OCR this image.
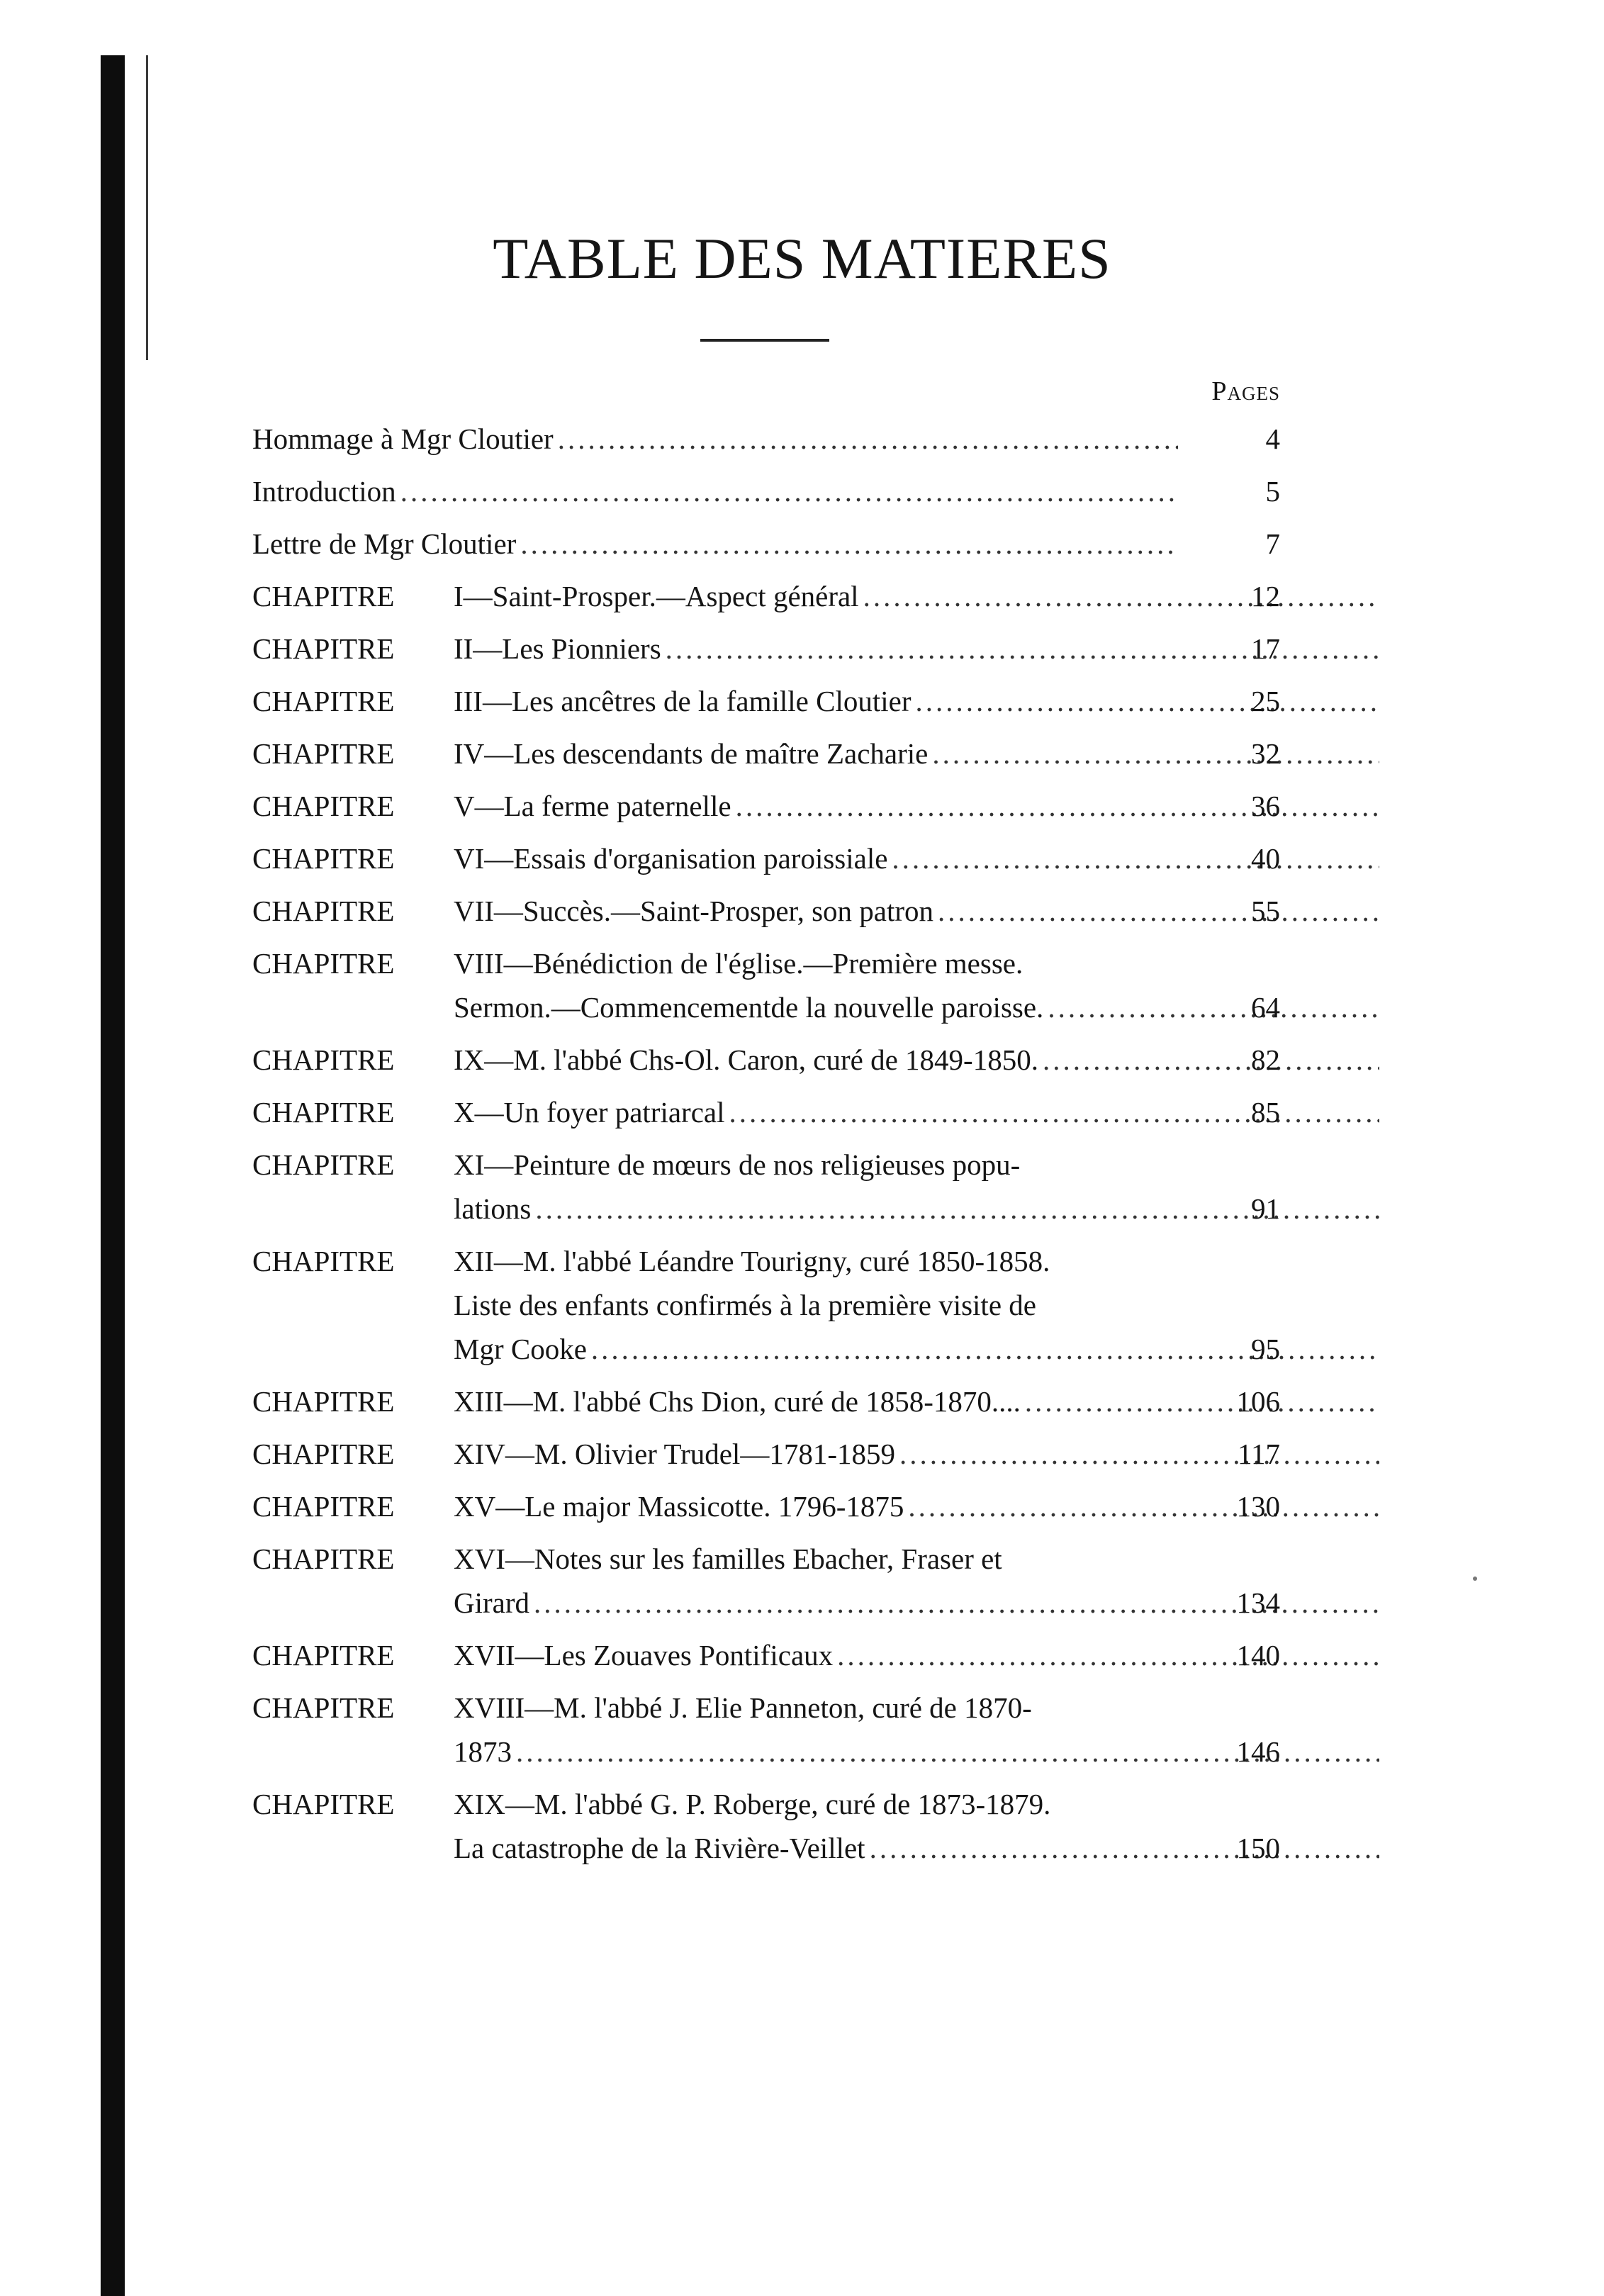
TABLE DES MATIERES
Pages
Hommage à Mgr Cloutier .....	4
Introduction .....	5
Lettre de Mgr Cloutier .....	7
CHAPITRE I—Saint-Prosper.—Aspect général .....	12
CHAPITRE II—Les Pionniers .....	17
CHAPITRE III—Les ancêtres de la famille Cloutier .....	25
CHAPITRE IV—Les descendants de maître Zacharie .....	32
CHAPITRE V—La ferme paternelle .....	36
CHAPITRE VI—Essais d'organisation paroissiale .....	40
CHAPITRE VII—Succès.—Saint-Prosper, son patron .....	55
CHAPITRE VIII—Bénédiction de l'église.—Première messe.
Sermon.—Commencementde la nouvelle paroisse. .....	64
CHAPITRE IX—M. l'abbé Chs-Ol. Caron, curé de 1849-1850. .....	82
CHAPITRE X—Un foyer patriarcal .....	85
CHAPITRE XI—Peinture de mœurs de nos religieuses popu-
lations .....	91
CHAPITRE XII—M. l'abbé Léandre Tourigny, curé 1850-1858.
Liste des enfants confirmés à la première visite de
Mgr Cooke .....	95
CHAPITRE XIII—M. l'abbé Chs Dion, curé de 1858-1870.... .....	106
CHAPITRE XIV—M. Olivier Trudel—1781-1859 .....	117
CHAPITRE XV—Le major Massicotte. 1796-1875 .....	130
CHAPITRE XVI—Notes sur les familles Ebacher, Fraser et
Girard .....	134
CHAPITRE XVII—Les Zouaves Pontificaux .....	140
CHAPITRE XVIII—M. l'abbé J. Elie Panneton, curé de 1870-
1873 .....	146
CHAPITRE XIX—M. l'abbé G. P. Roberge, curé de 1873-1879.
La catastrophe de la Rivière-Veillet .....	150
